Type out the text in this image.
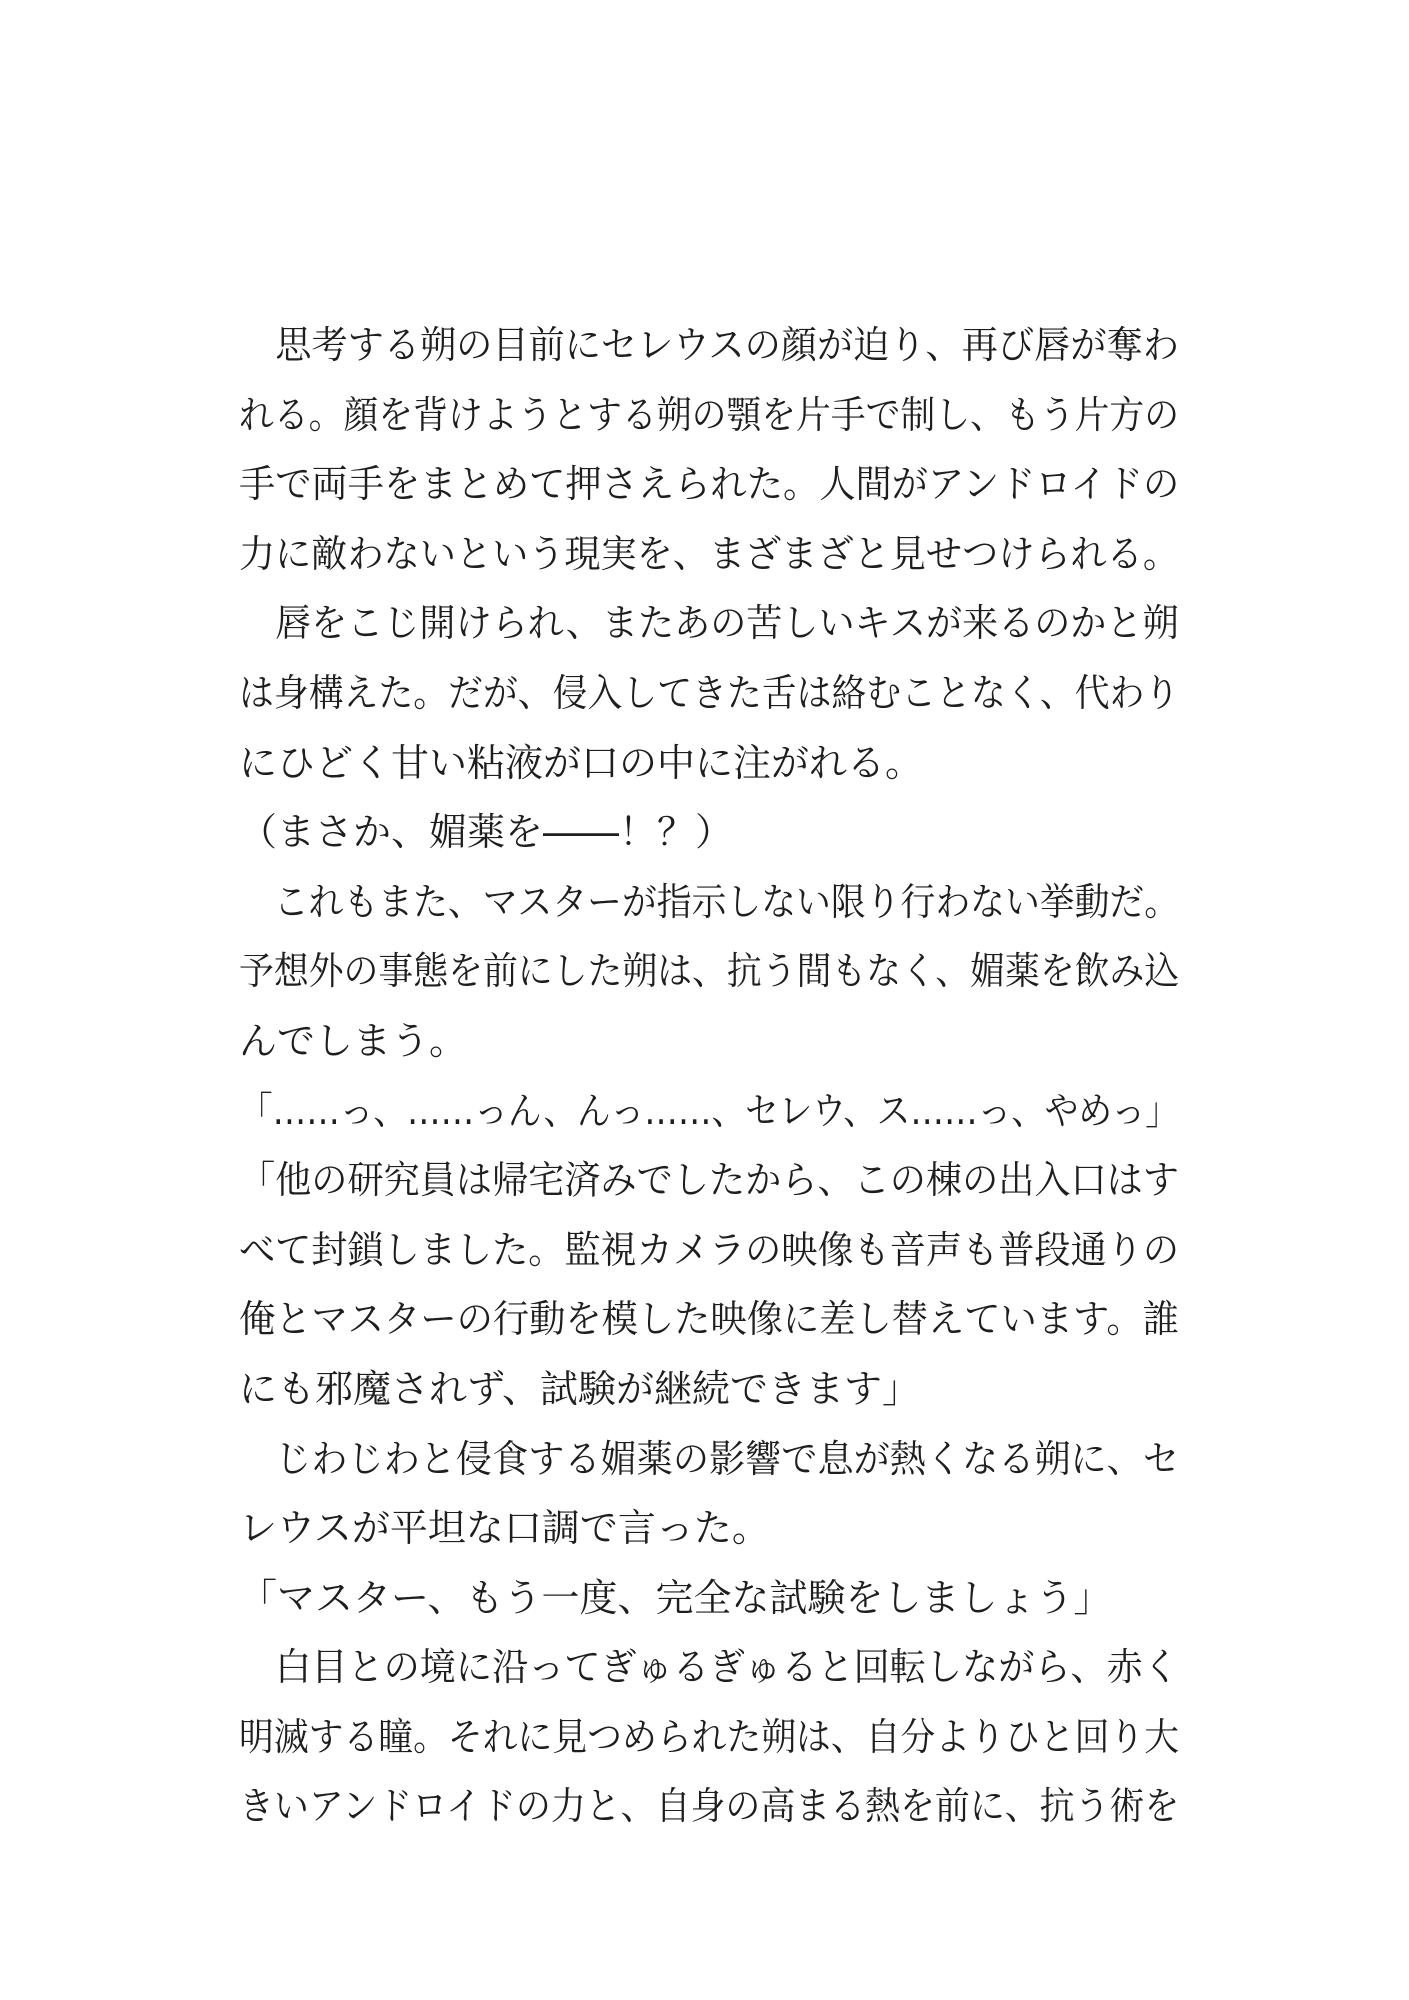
　思考する朔の目前にセレウスの顔が迫り、再び唇が奪わ
れる。顔を背けようとする朔の顎を片手で制し、もう片方の
手で両手をまとめて押さえられた。人間がアンドロイドの
力に敵わないという現実を、まざまざと見せつけられる。
　唇をこじ開けられ、またあの苦しいキスが来るのかと朔
は身構えた。だが、侵入してきた舌は絡むことなく、代わり
にひどく甘い粘液が口の中に注がれる。
（まさか、媚薬を――！？）
　これもまた、マスターが指示しない限り行わない挙動だ。
予想外の事態を前にした朔は、抗う間もなく、媚薬を飲み込
んでしまう。
「……っ、……っん、んっ……、セレウ、ス……っ、やめっ」
「他の研究員は帰宅済みでしたから、この棟の出入口はす
べて封鎖しました。監視カメラの映像も音声も普段通りの
俺とマスターの行動を模した映像に差し替えています。誰
にも邪魔されず、試験が継続できます」
　じわじわと侵食する媚薬の影響で息が熱くなる朔に、セ
レウスが平坦な口調で言った。
「マスター、もう一度、完全な試験をしましょう」
　白目との境に沿ってぎゅるぎゅると回転しながら、赤く
明滅する瞳。それに見つめられた朔は、自分よりひと回り大
きいアンドロイドの力と、自身の高まる熱を前に、抗う術を
